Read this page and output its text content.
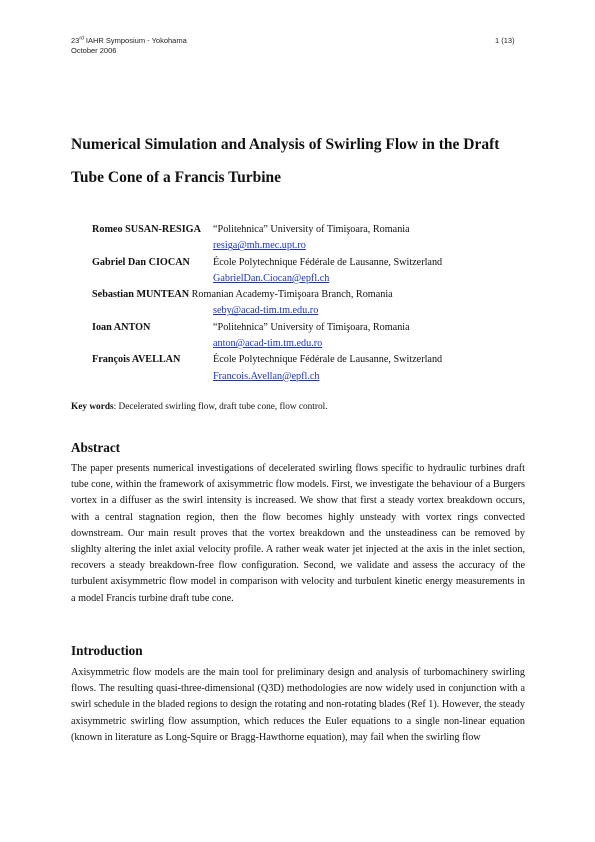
23rd IAHR Symposium - Yokohama
October 2006
1 (13)
Numerical Simulation and Analysis of Swirling Flow in the Draft Tube Cone of a Francis Turbine
Romeo SUSAN-RESIGA “Politehnica” University of Timişoara, Romania
resiga@mh.mec.upt.ro
Gabriel Dan CIOCAN École Polytechnique Fédérale de Lausanne, Switzerland
GabrielDan.Ciocan@epfl.ch
Sebastian MUNTEAN Romanian Academy-Timişoara Branch, Romania
seby@acad-tim.tm.edu.ro
Ioan ANTON	“Politehnica” University of Timişoara, Romania
anton@acad-tim.tm.edu.ro
François AVELLAN	École Polytechnique Fédérale de Lausanne, Switzerland
Francois.Avellan@epfl.ch
Key words: Decelerated swirling flow, draft tube cone, flow control.
Abstract

The paper presents numerical investigations of decelerated swirling flows specific to hydraulic turbines draft tube cone, within the framework of axisymmetric flow models. First, we investigate the behaviour of a Burgers vortex in a diffuser as the swirl intensity is increased. We show that first a steady vortex breakdown occurs, with a central stagnation region, then the flow becomes highly unsteady with vortex rings convected downstream. Our main result proves that the vortex breakdown and the unsteadiness can be removed by slighlty altering the inlet axial velocity profile. A rather weak water jet injected at the axis in the inlet section, recovers a steady breakdown-free flow configuration. Second, we validate and assess the accuracy of the turbulent axisymmetric flow model in comparison with velocity and turbulent kinetic energy measurements in a model Francis turbine draft tube cone.

Introduction

Axisymmetric flow models are the main tool for preliminary design and analysis of turbomachinery swirling flows. The resulting quasi-three-dimensional (Q3D) methodologies are now widely used in conjunction with a swirl schedule in the bladed regions to design the rotating and non-rotating blades (Ref 1). However, the steady axisymmetric swirling flow assumption, which reduces the Euler equations to a single non-linear equation (known in literature as Long-Squire or Bragg-Hawthorne equation), may fail when the swirling flow
